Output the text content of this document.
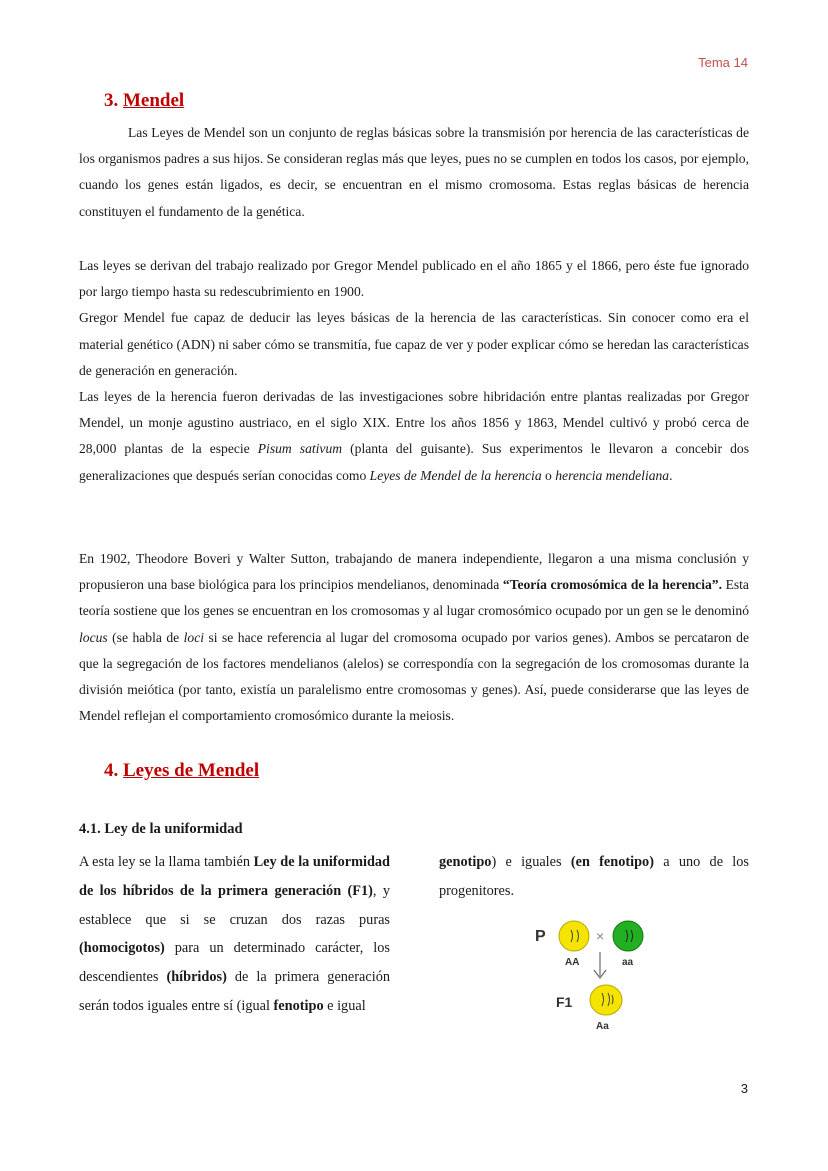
Tema 14
3. Mendel
Las Leyes de Mendel son un conjunto de reglas básicas sobre la transmisión por herencia de las características de los organismos padres a sus hijos. Se consideran reglas más que leyes, pues no se cumplen en todos los casos, por ejemplo, cuando los genes están ligados, es decir, se encuentran en el mismo cromosoma. Estas reglas básicas de herencia constituyen el fundamento de la genética.
Las leyes se derivan del trabajo realizado por Gregor Mendel publicado en el año 1865 y el 1866, pero éste fue ignorado por largo tiempo hasta su redescubrimiento en 1900.
Gregor Mendel fue capaz de deducir las leyes básicas de la herencia de las características. Sin conocer como era el material genético (ADN) ni saber cómo se transmitía, fue capaz de ver y poder explicar cómo se heredan las características de generación en generación.
Las leyes de la herencia fueron derivadas de las investigaciones sobre hibridación entre plantas realizadas por Gregor Mendel, un monje agustino austriaco, en el siglo XIX. Entre los años 1856 y 1863, Mendel cultivó y probó cerca de 28,000 plantas de la especie Pisum sativum (planta del guisante). Sus experimentos le llevaron a concebir dos generalizaciones que después serían conocidas como Leyes de Mendel de la herencia o herencia mendeliana.
En 1902, Theodore Boveri y Walter Sutton, trabajando de manera independiente, llegaron a una misma conclusión y propusieron una base biológica para los principios mendelianos, denominada “Teoría cromosómica de la herencia”. Esta teoría sostiene que los genes se encuentran en los cromosomas y al lugar cromosómico ocupado por un gen se le denominó locus (se habla de loci si se hace referencia al lugar del cromosoma ocupado por varios genes). Ambos se percataron de que la segregación de los factores mendelianos (alelos) se correspondía con la segregación de los cromosomas durante la división meiótica (por tanto, existía un paralelismo entre cromosomas y genes). Así, puede considerarse que las leyes de Mendel reflejan el comportamiento cromosómico durante la meiosis.
4. Leyes de Mendel
4.1. Ley de la uniformidad
A esta ley se la llama también Ley de la uniformidad de los híbridos de la primera generación (F1), y establece que si se cruzan dos razas puras (homocigotos) para un determinado carácter, los descendientes (híbridos) de la primera generación serán todos iguales entre sí (igual fenotipo e igual
genotipo) e iguales (en fenotipo) a uno de los progenitores.
P	×
AA	aa
F1
Aa
3
